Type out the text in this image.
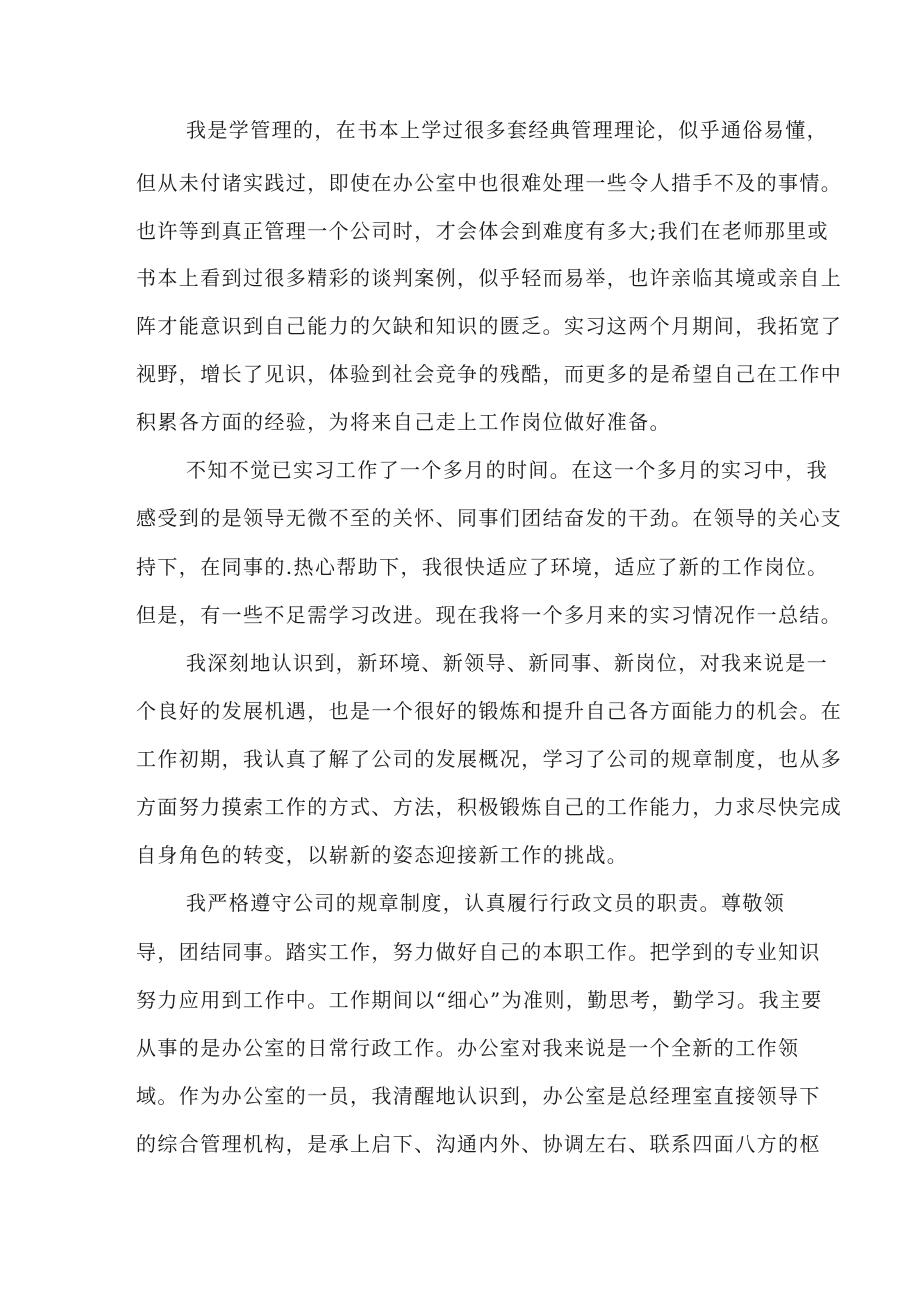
我是学管理的，在书本上学过很多套经典管理理论，似乎通俗易懂，
但从未付诸实践过，即使在办公室中也很难处理一些令人措手不及的事情。
也许等到真正管理一个公司时，才会体会到难度有多大;我们在老师那里或
书本上看到过很多精彩的谈判案例，似乎轻而易举，也许亲临其境或亲自上
阵才能意识到自己能力的欠缺和知识的匮乏。实习这两个月期间，我拓宽了
视野，增长了见识，体验到社会竞争的残酷，而更多的是希望自己在工作中
积累各方面的经验，为将来自己走上工作岗位做好准备。
不知不觉已实习工作了一个多月的时间。在这一个多月的实习中，我
感受到的是领导无微不至的关怀、同事们团结奋发的干劲。在领导的关心支
持下，在同事的.热心帮助下，我很快适应了环境，适应了新的工作岗位。
但是，有一些不足需学习改进。现在我将一个多月来的实习情况作一总结。
我深刻地认识到，新环境、新领导、新同事、新岗位，对我来说是一
个良好的发展机遇，也是一个很好的锻炼和提升自己各方面能力的机会。在
工作初期，我认真了解了公司的发展概况，学习了公司的规章制度，也从多
方面努力摸索工作的方式、方法，积极锻炼自己的工作能力，力求尽快完成
自身角色的转变，以崭新的姿态迎接新工作的挑战。
我严格遵守公司的规章制度，认真履行行政文员的职责。尊敬领
导，团结同事。踏实工作，努力做好自己的本职工作。把学到的专业知识
努力应用到工作中。工作期间以“细心”为准则，勤思考，勤学习。我主要
从事的是办公室的日常行政工作。办公室对我来说是一个全新的工作领
域。作为办公室的一员，我清醒地认识到，办公室是总经理室直接领导下
的综合管理机构，是承上启下、沟通内外、协调左右、联系四面八方的枢
